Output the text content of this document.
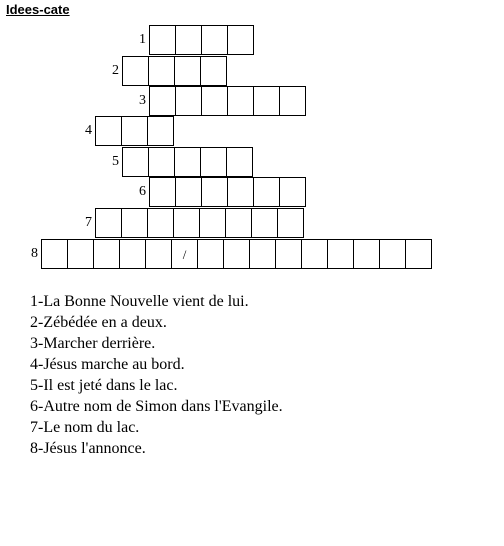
Idees-cate
1
2
3
4
5
6
7
8	/
1-La Bonne Nouvelle vient de lui.
2-Zébédée en a deux.
3-Marcher derrière.
4-Jésus marche au bord.
5-Il est jeté dans le lac.
6-Autre nom de Simon dans l'Evangile.
7-Le nom du lac.
8-Jésus l'annonce.
